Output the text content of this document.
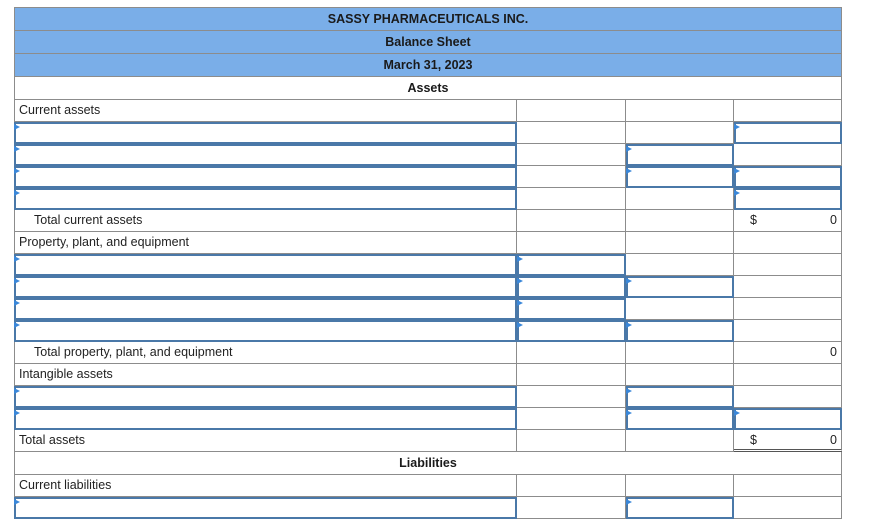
SASSY PHARMACEUTICALS INC.
Balance Sheet
March 31, 2023
Assets
Current assets
Total current assets	$	0
Property, plant, and equipment
Total property, plant, and equipment	0
Intangible assets
Total assets	$	0
Liabilities
Current liabilities
